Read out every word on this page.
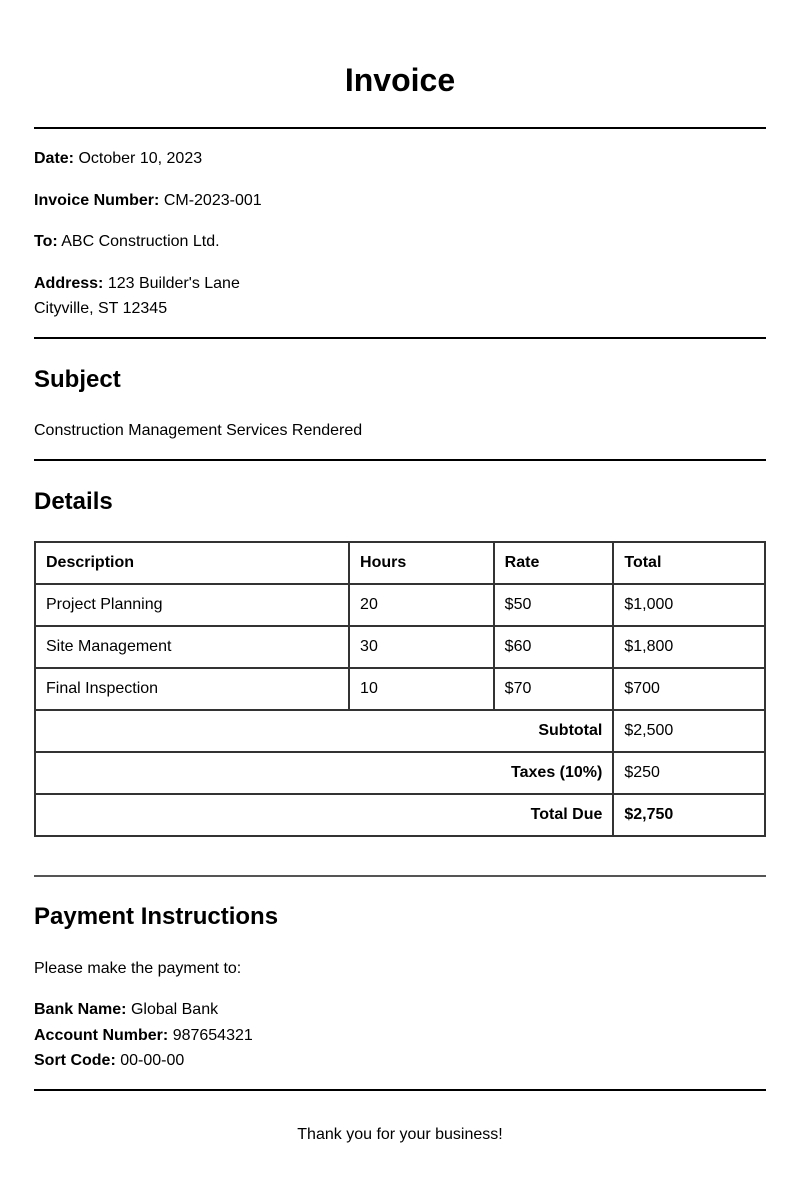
Invoice
Date: October 10, 2023
Invoice Number: CM-2023-001
To: ABC Construction Ltd.
Address: 123 Builder's Lane
Cityville, ST 12345
Subject
Construction Management Services Rendered
Details
Description	Hours	Rate	Total
Project Planning	20	$50	$1,000
Site Management	30	$60	$1,800
Final Inspection	10	$70	$700
Subtotal			$2,500
Taxes (10%)			$250
Total Due			$2,750
Payment Instructions
Please make the payment to:
Bank Name: Global Bank
Account Number: 987654321
Sort Code: 00-00-00
Thank you for your business!
